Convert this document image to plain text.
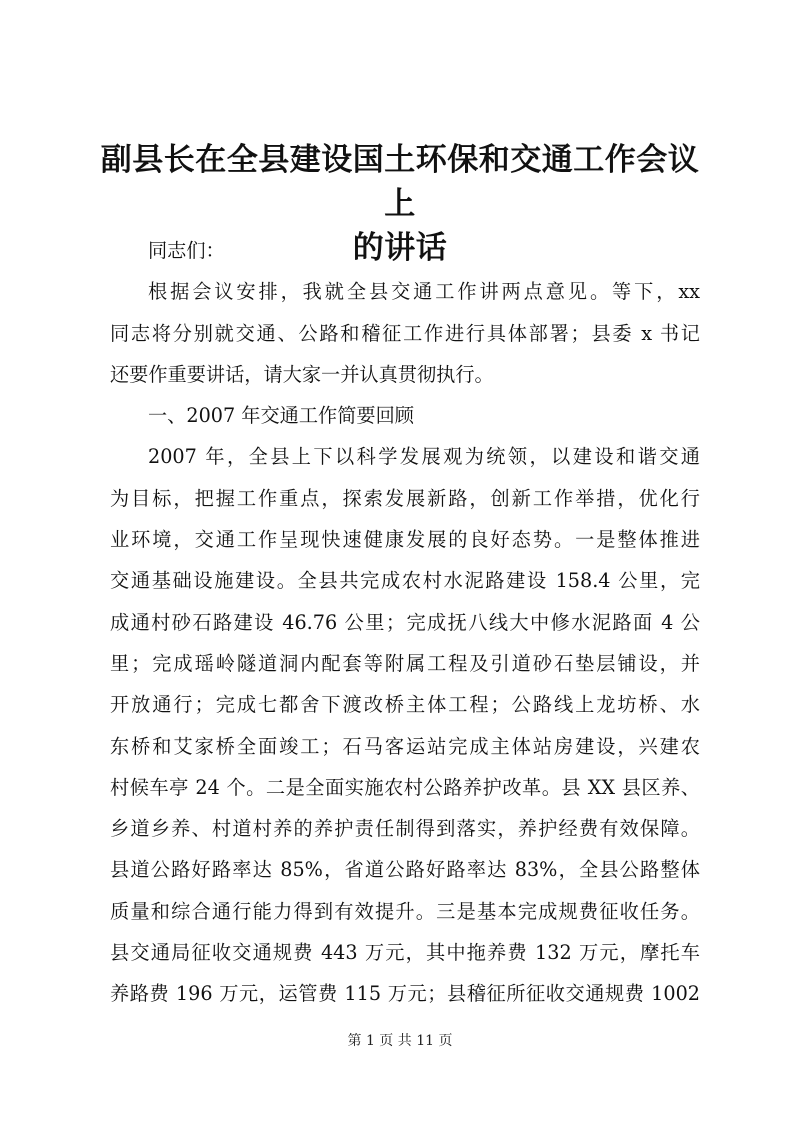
副县长在全县建设国土环保和交通工作会议上
的讲话
同志们：
根据会议安排，我就全县交通工作讲两点意见。等下，xx
同志将分别就交通、公路和稽征工作进行具体部署；县委 x 书记
还要作重要讲话，请大家一并认真贯彻执行。
一、2007 年交通工作简要回顾
2007 年，全县上下以科学发展观为统领，以建设和谐交通
为目标，把握工作重点，探索发展新路，创新工作举措，优化行
业环境，交通工作呈现快速健康发展的良好态势。一是整体推进
交通基础设施建设。全县共完成农村水泥路建设 158.4 公里，完
成通村砂石路建设 46.76 公里；完成抚八线大中修水泥路面 4 公
里；完成瑶岭隧道洞内配套等附属工程及引道砂石垫层铺设，并
开放通行；完成七都舍下渡改桥主体工程；公路线上龙坊桥、水
东桥和艾家桥全面竣工；石马客运站完成主体站房建设，兴建农
村候车亭 24 个。二是全面实施农村公路养护改革。县 XX 县区养、
乡道乡养、村道村养的养护责任制得到落实，养护经费有效保障。
县道公路好路率达 85%，省道公路好路率达 83%，全县公路整体
质量和综合通行能力得到有效提升。三是基本完成规费征收任务。
县交通局征收交通规费 443 万元，其中拖养费 132 万元，摩托车
养路费 196 万元，运管费 115 万元；县稽征所征收交通规费 1002
第 1 页 共 11 页
